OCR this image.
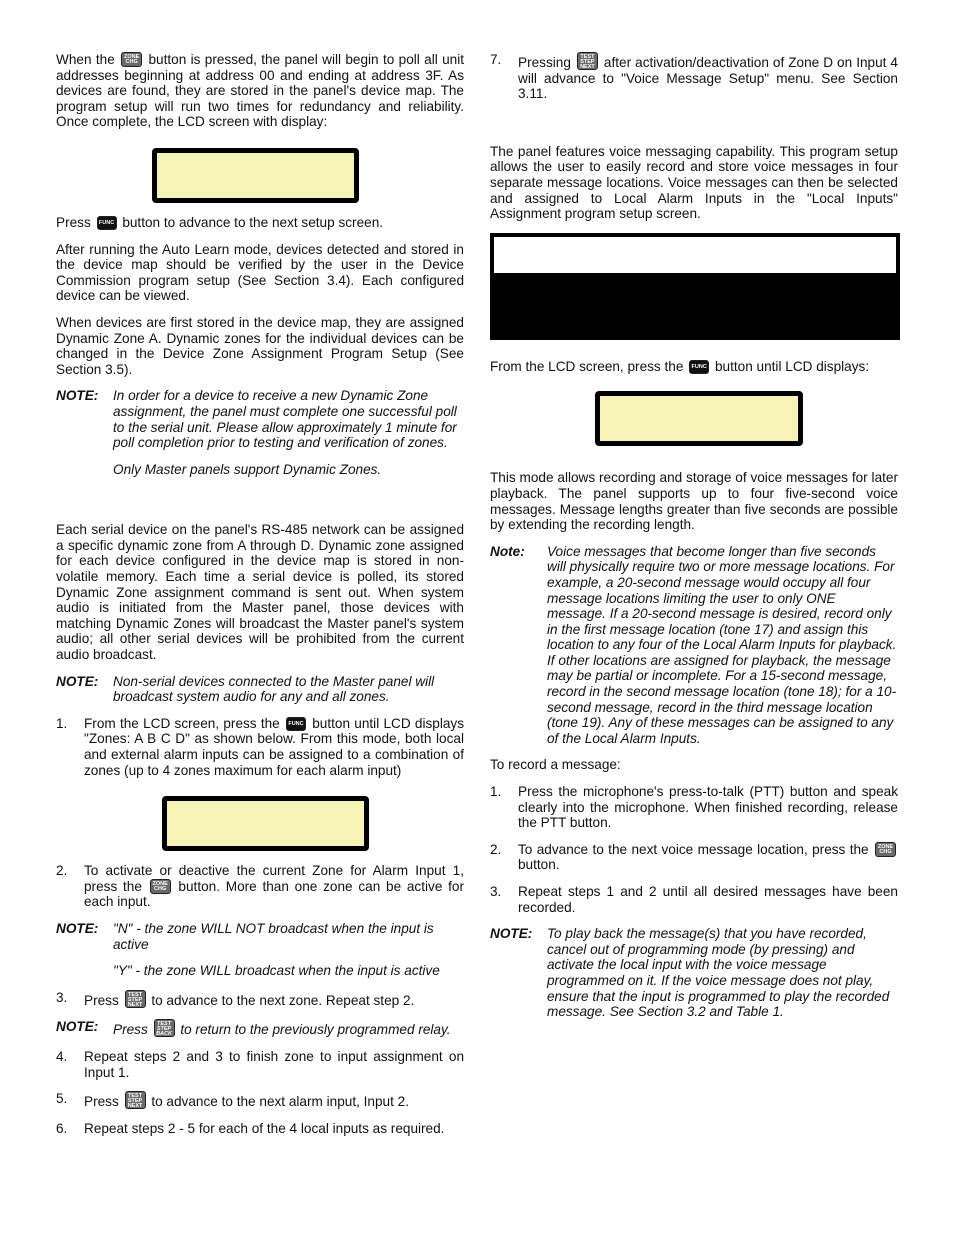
When the	ZONE
CHG button is pressed, the panel will begin to poll all unit addresses beginning at address 00 and ending at address 3F. As devices are found, they are stored in the panel's device map. The program setup will run two times for redundancy and reliability. Once complete, the LCD screen with display:

Press FUNC button to advance to the next setup screen.

After running the Auto Learn mode, devices detected and stored in the device map should be verified by the user in the Device Commission program setup (See Section 3.4). Each configured device can be viewed.

When devices are first stored in the device map, they are assigned Dynamic Zone A. Dynamic zones for the individual devices can be changed in the Device Zone Assignment Program Setup (See Section 3.5).

NOTE:	In order for a device to receive a new Dynamic Zone assignment, the panel must complete one successful poll to the serial unit. Please allow approximately 1 minute for poll completion prior to testing and verification of zones.
Only Master panels support Dynamic Zones.

Each serial device on the panel's RS-485 network can be assigned a specific dynamic zone from A through D. Dynamic zone assigned for each device configured in the device map is stored in non-volatile memory. Each time a serial device is polled, its stored Dynamic Zone assignment command is sent out. When system audio is initiated from the Master panel, those devices with matching Dynamic Zones will broadcast the Master panel's system audio; all other serial devices will be prohibited from the current audio broadcast.

NOTE:	Non-serial devices connected to the Master panel will broadcast system audio for any and all zones.
1.	From the LCD screen, press the FUNC button until LCD displays "Zones: A B C D" as shown below. From this mode, both local and external alarm inputs can be assigned to a combination of zones (up to 4 zones maximum for each alarm input)
2.	To activate or deactive the current Zone for Alarm Input 1, press the	ZONE
CHG button. More than one zone can be active for each input.
NOTE:	"N" - the zone WILL NOT broadcast when the input is active
"Y" - the zone WILL broadcast when the input is active
3.	Press	TEST
STEP
NEXT to advance to the next zone. Repeat step 2.
NOTE:	Press	TEST
STEP
BACK to return to the previously programmed relay.
4.	Repeat steps 2 and 3 to finish zone to input assignment on Input 1.
5.	Press	TEST
STEP
NEXT to advance to the next alarm input, Input 2.
6.	Repeat steps 2 - 5 for each of the 4 local inputs as required.
7.	Pressing	TEST
STEP
NEXT after activation/deactivation of Zone D on Input 4 will advance to "Voice Message Setup" menu. See Section 3.11.

The panel features voice messaging capability. This program setup allows the user to easily record and store voice messages in four separate message locations. Voice messages can then be selected and assigned to Local Alarm Inputs in the "Local Inputs" Assignment program setup screen.

From the LCD screen, press the FUNC button until LCD displays:

This mode allows recording and storage of voice messages for later playback. The panel supports up to four five-second voice messages. Message lengths greater than five seconds are possible by extending the recording length.

Note:	Voice messages that become longer than five seconds will physically require two or more message locations. For example, a 20-second message would occupy all four message locations limiting the user to only ONE message. If a 20-second message is desired, record only in the first message location (tone 17) and assign this location to any four of the Local Alarm Inputs for playback. If other locations are assigned for playback, the message may be partial or incomplete. For a 15-second message, record in the second message location (tone 18); for a 10-second message, record in the third message location (tone 19). Any of these messages can be assigned to any of the Local Alarm Inputs.

To record a message:

1.	Press the microphone's press-to-talk (PTT) button and speak clearly into the microphone. When finished recording, release the PTT button.
2.	To advance to the next voice message location, press the	ZONE
CHG
button.
3.	Repeat steps 1 and 2 until all desired messages have been recorded.
NOTE:	To play back the message(s) that you have recorded, cancel out of programming mode (by pressing) and activate the local input with the voice message programmed on it. If the voice message does not play, ensure that the input is programmed to play the recorded message. See Section 3.2 and Table 1.
